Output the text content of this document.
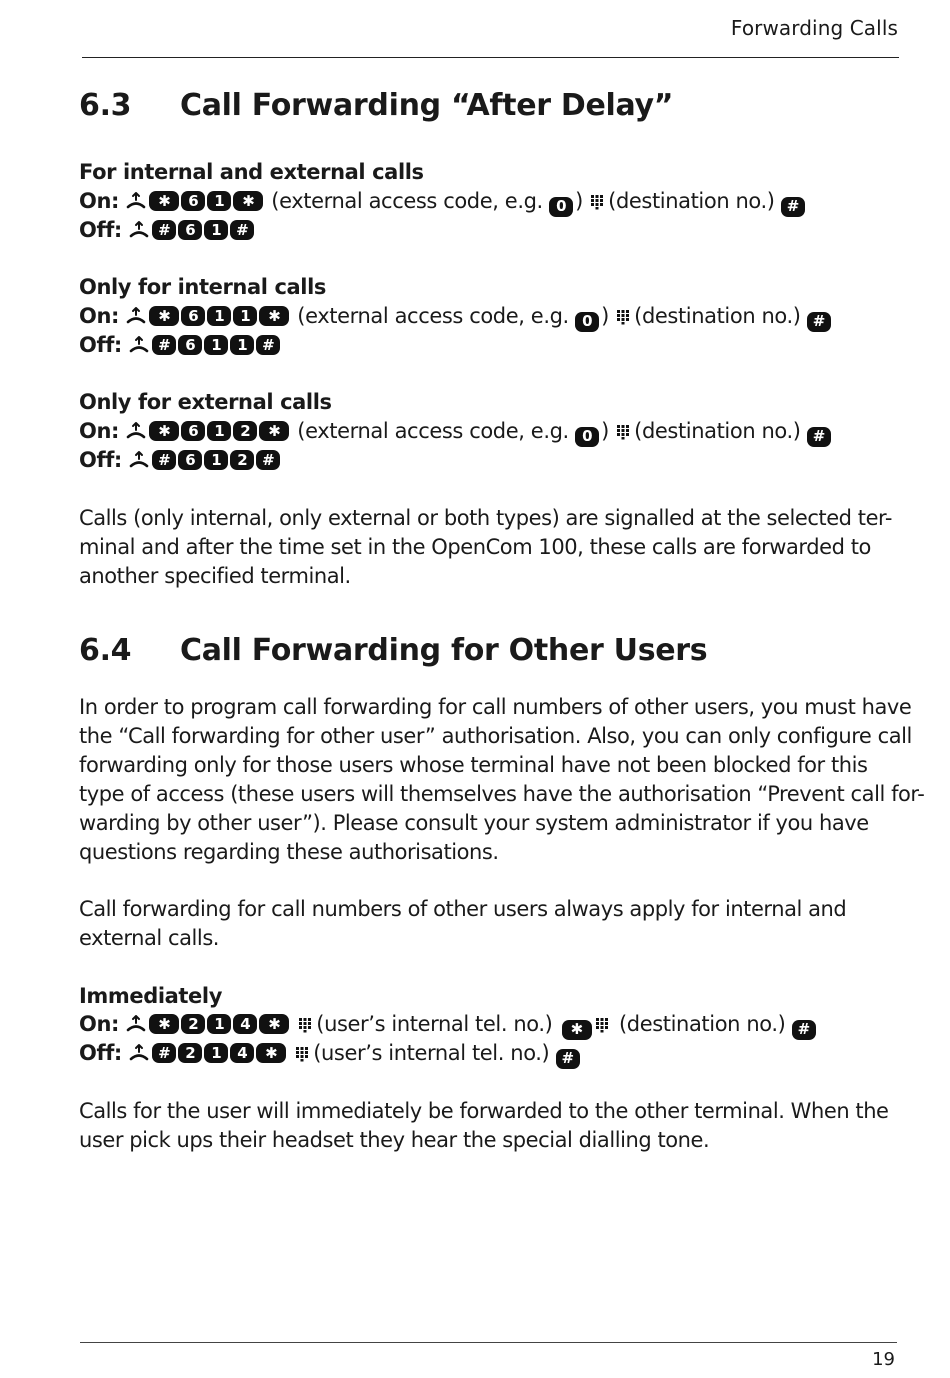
Forwarding Calls
6.3 Call Forwarding “After Delay”
For internal and external calls
On:	✱	6	1	✱ (external access code, e.g. 0 ) (destination no.) #
Off:	# 6	1 #
Only for internal calls
On:	✱	6	1	1	✱ (external access code, e.g. 0 ) (destination no.) #
Off:	# 6	1	1 #
Only for external calls
On:	✱	6	1	2	✱ (external access code, e.g. 0 ) (destination no.) #
Off:	# 6	1	2 #
Calls (only internal, only external or both types) are signalled at the selected ter-
minal and after the time set in the OpenCom 100, these calls are forwarded to
another specified terminal.
6.4 Call Forwarding for Other Users
In order to program call forwarding for call numbers of other users, you must have
the “Call forwarding for other user” authorisation. Also, you can only configure call
forwarding only for those users whose terminal have not been blocked for this
type of access (these users will themselves have the authorisation “Prevent call for-
warding by other user”). Please consult your system administrator if you have
questions regarding these authorisations.
Call forwarding for call numbers of other users always apply for internal and
external calls.
Immediately
On:	✱	2	1	4	✱	(user’s internal tel. no.)	✱	(destination no.) #
Off:	# 2	1	4	✱	(user’s internal tel. no.) #
Calls for the user will immediately be forwarded to the other terminal. When the
user pick ups their headset they hear the special dialling tone.
19
